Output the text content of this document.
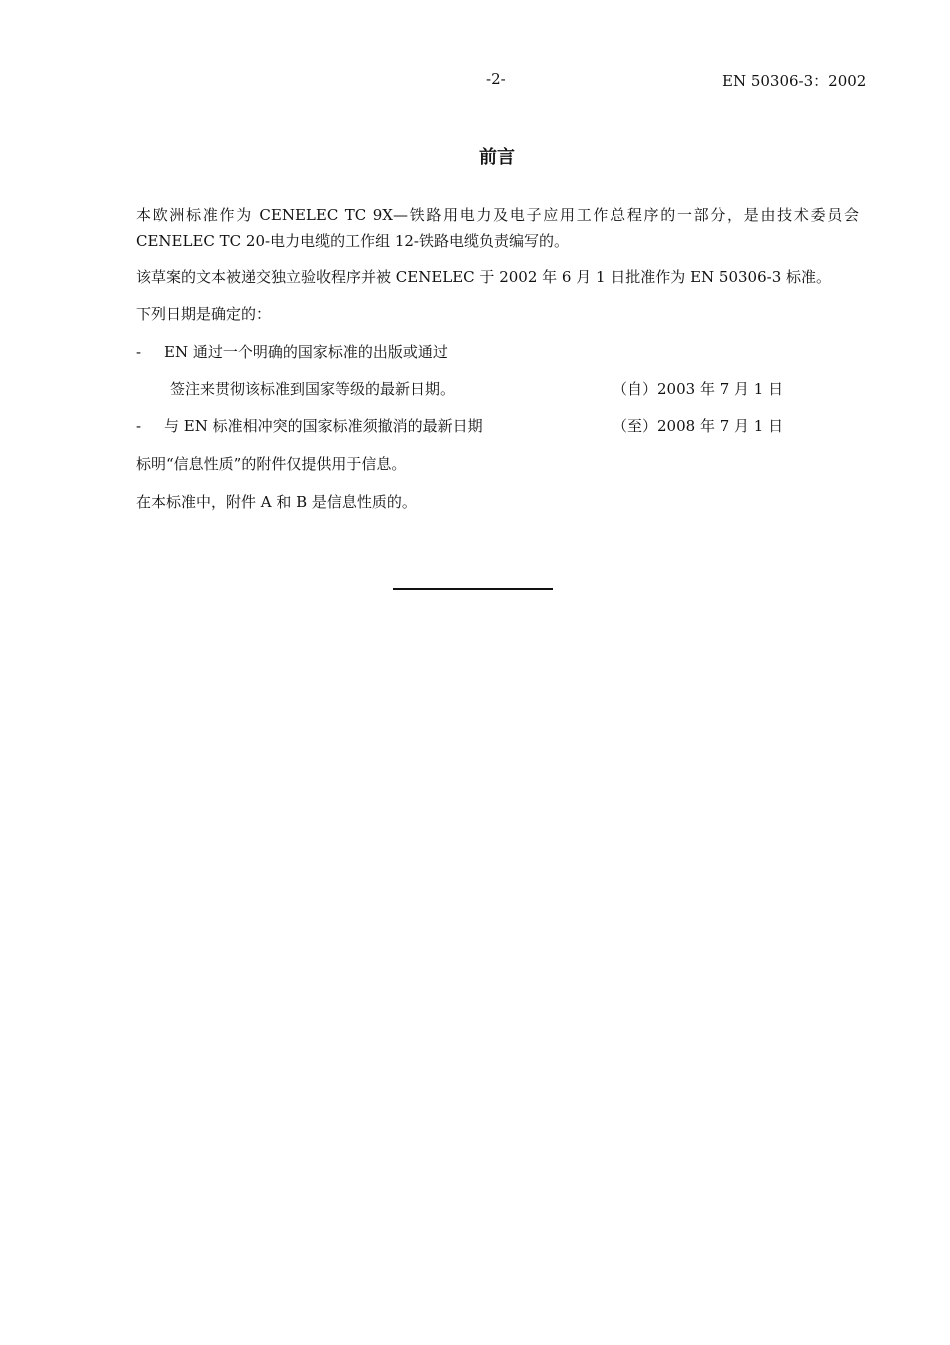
-2-	EN 50306-3：2002
前言
本欧洲标准作为 CENELEC TC 9X—铁路用电力及电子应用工作总程序的一部分，是由技术委员会
CENELEC TC 20-电力电缆的工作组 12-铁路电缆负责编写的。
该草案的文本被递交独立验收程序并被 CENELEC 于 2002 年 6 月 1 日批准作为 EN 50306-3 标准。
下列日期是确定的：
- EN 通过一个明确的国家标准的出版或通过
签注来贯彻该标准到国家等级的最新日期。	（自）2003 年 7 月 1 日
- 与 EN 标准相冲突的国家标准须撤消的最新日期	（至）2008 年 7 月 1 日
标明“信息性质”的附件仅提供用于信息。
在本标准中，附件 A 和 B 是信息性质的。
